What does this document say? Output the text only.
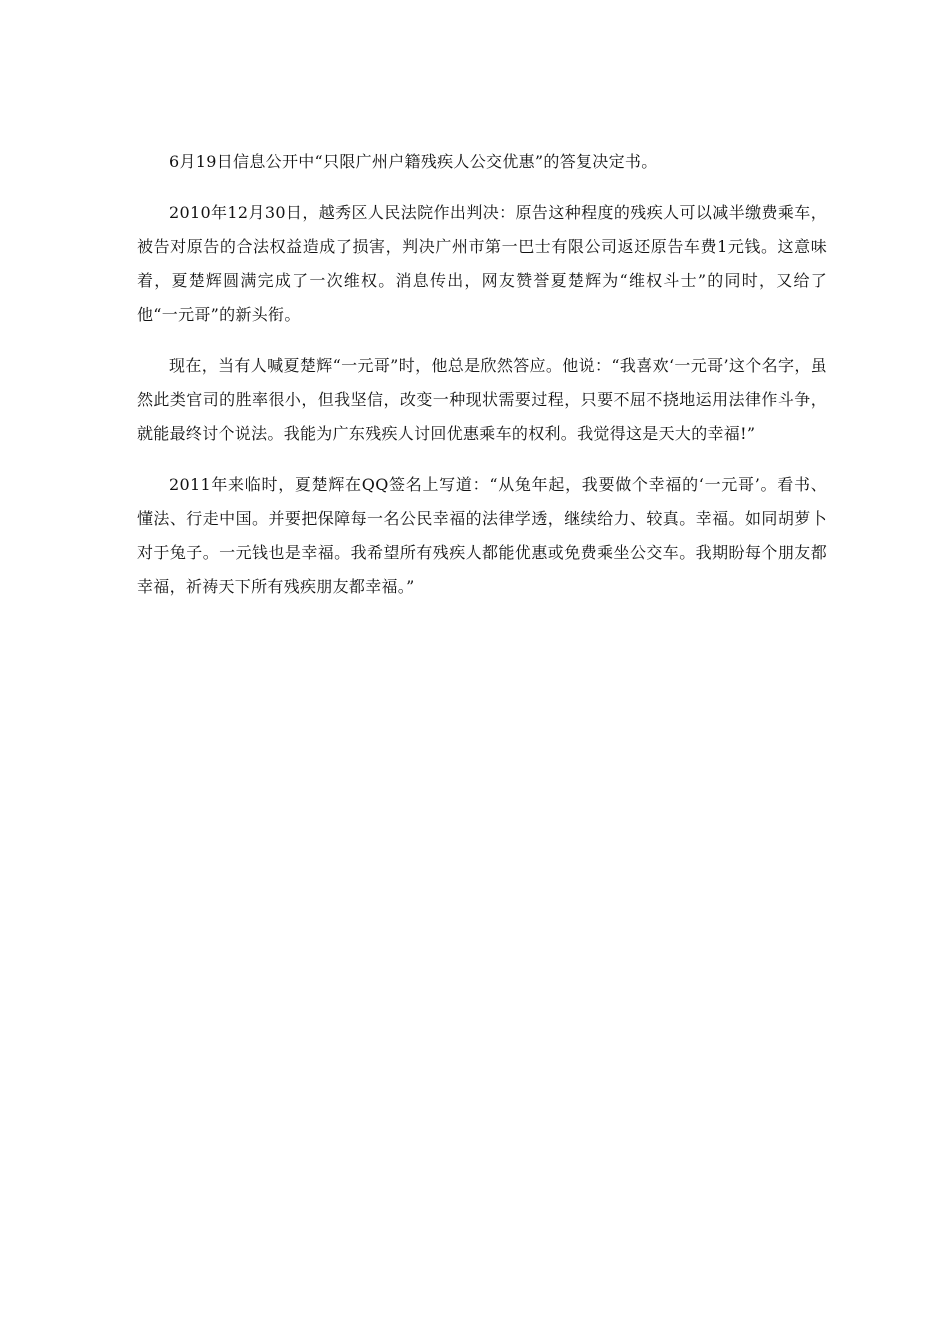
6月19日信息公开中“只限广州户籍残疾人公交优惠”的答复决定书。

2010年12月30日，越秀区人民法院作出判决：原告这种程度的残疾人可以减半缴费乘车，被告对原告的合法权益造成了损害，判决广州市第一巴士有限公司返还原告车费1元钱。这意味着，夏楚辉圆满完成了一次维权。消息传出，网友赞誉夏楚辉为“维权斗士”的同时，又给了他“一元哥”的新头衔。

现在，当有人喊夏楚辉“一元哥”时，他总是欣然答应。他说：“我喜欢‘一元哥’这个名字，虽然此类官司的胜率很小，但我坚信，改变一种现状需要过程，只要不屈不挠地运用法律作斗争，就能最终讨个说法。我能为广东残疾人讨回优惠乘车的权利。我觉得这是天大的幸福!”

2011年来临时，夏楚辉在QQ签名上写道：“从兔年起，我要做个幸福的‘一元哥’。看书、懂法、行走中国。并要把保障每一名公民幸福的法律学透，继续给力、较真。幸福。如同胡萝卜对于兔子。一元钱也是幸福。我希望所有残疾人都能优惠或免费乘坐公交车。我期盼每个朋友都幸福，祈祷天下所有残疾朋友都幸福。”
